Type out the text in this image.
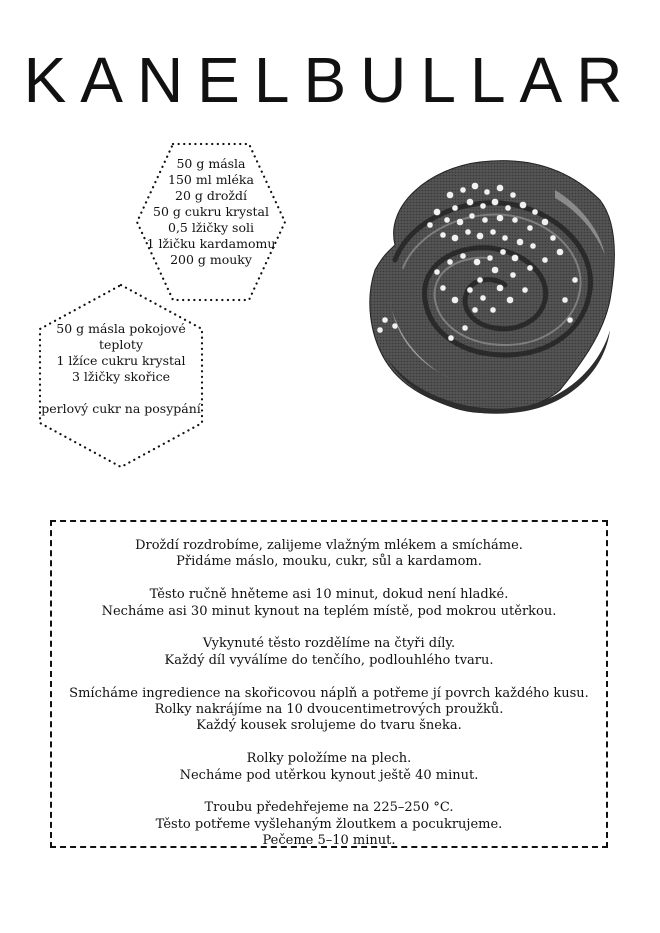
KANELBULLAR
50 g másla
150 ml mléka
20 g droždí
50 g cukru krystal
0,5 lžičky soli
1 lžičku kardamomu
200 g mouky
50 g másla pokojové
teploty
1 lžíce cukru krystal
3 lžičky skořice
perlový cukr na posypání
Droždí rozdrobíme, zalijeme vlažným mlékem a smícháme.
Přidáme máslo, mouku, cukr, sůl a kardamom.
Těsto ručně hněteme asi 10 minut, dokud není hladké.
Necháme asi 30 minut kynout na teplém místě, pod mokrou utěrkou.
Vykynuté těsto rozdělíme na čtyři díly.
Každý díl vyválíme do tenčího, podlouhlého tvaru.
Smícháme ingredience na skořicovou náplň a potřeme jí povrch každého kusu.
Rolky nakrájíme na 10 dvoucentimetrových proužků.
Každý kousek srolujeme do tvaru šneka.
Rolky položíme na plech.
Necháme pod utěrkou kynout ještě 40 minut.
Troubu předehřejeme na 225–250 °C.
Těsto potřeme vyšlehaným žloutkem a pocukrujeme.
Pečeme 5–10 minut.
